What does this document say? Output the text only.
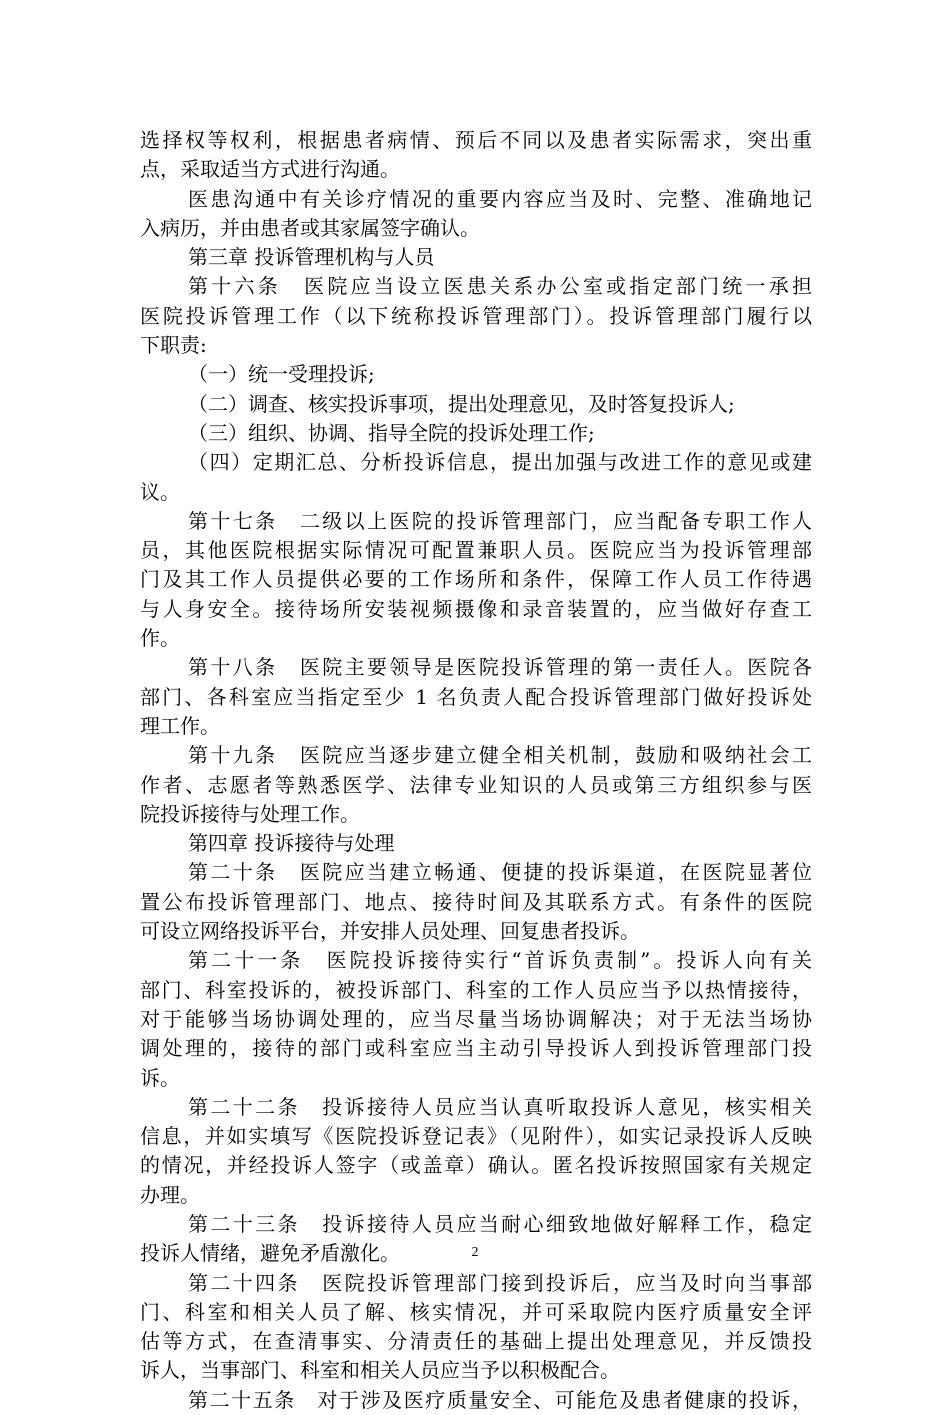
选择权等权利，根据患者病情、预后不同以及患者实际需求，突出重
点，采取适当方式进行沟通。
医患沟通中有关诊疗情况的重要内容应当及时、完整、准确地记
入病历，并由患者或其家属签字确认。
第三章 投诉管理机构与人员
第十六条　医院应当设立医患关系办公室或指定部门统一承担
医院投诉管理工作（以下统称投诉管理部门）。投诉管理部门履行以
下职责:
（一）统一受理投诉;
（二）调查、核实投诉事项，提出处理意见，及时答复投诉人;
（三）组织、协调、指导全院的投诉处理工作;
（四）定期汇总、分析投诉信息，提出加强与改进工作的意见或建
议。
第十七条　二级以上医院的投诉管理部门，应当配备专职工作人
员，其他医院根据实际情况可配置兼职人员。医院应当为投诉管理部
门及其工作人员提供必要的工作场所和条件，保障工作人员工作待遇
与人身安全。接待场所安装视频摄像和录音装置的，应当做好存查工
作。
第十八条　医院主要领导是医院投诉管理的第一责任人。医院各
部门、各科室应当指定至少 1 名负责人配合投诉管理部门做好投诉处
理工作。
第十九条　医院应当逐步建立健全相关机制，鼓励和吸纳社会工
作者、志愿者等熟悉医学、法律专业知识的人员或第三方组织参与医
院投诉接待与处理工作。
第四章 投诉接待与处理
第二十条　医院应当建立畅通、便捷的投诉渠道，在医院显著位
置公布投诉管理部门、地点、接待时间及其联系方式。有条件的医院
可设立网络投诉平台，并安排人员处理、回复患者投诉。
第二十一条　医院投诉接待实行“首诉负责制”。投诉人向有关
部门、科室投诉的，被投诉部门、科室的工作人员应当予以热情接待，
对于能够当场协调处理的，应当尽量当场协调解决；对于无法当场协
调处理的，接待的部门或科室应当主动引导投诉人到投诉管理部门投
诉。
第二十二条　投诉接待人员应当认真听取投诉人意见，核实相关
信息，并如实填写《医院投诉登记表》（见附件），如实记录投诉人反映
的情况，并经投诉人签字（或盖章）确认。匿名投诉按照国家有关规定
办理。
第二十三条　投诉接待人员应当耐心细致地做好解释工作，稳定
投诉人情绪，避免矛盾激化。
第二十四条　医院投诉管理部门接到投诉后，应当及时向当事部
门、科室和相关人员了解、核实情况，并可采取院内医疗质量安全评
估等方式，在查清事实、分清责任的基础上提出处理意见，并反馈投
诉人，当事部门、科室和相关人员应当予以积极配合。
第二十五条　对于涉及医疗质量安全、可能危及患者健康的投诉，
2
